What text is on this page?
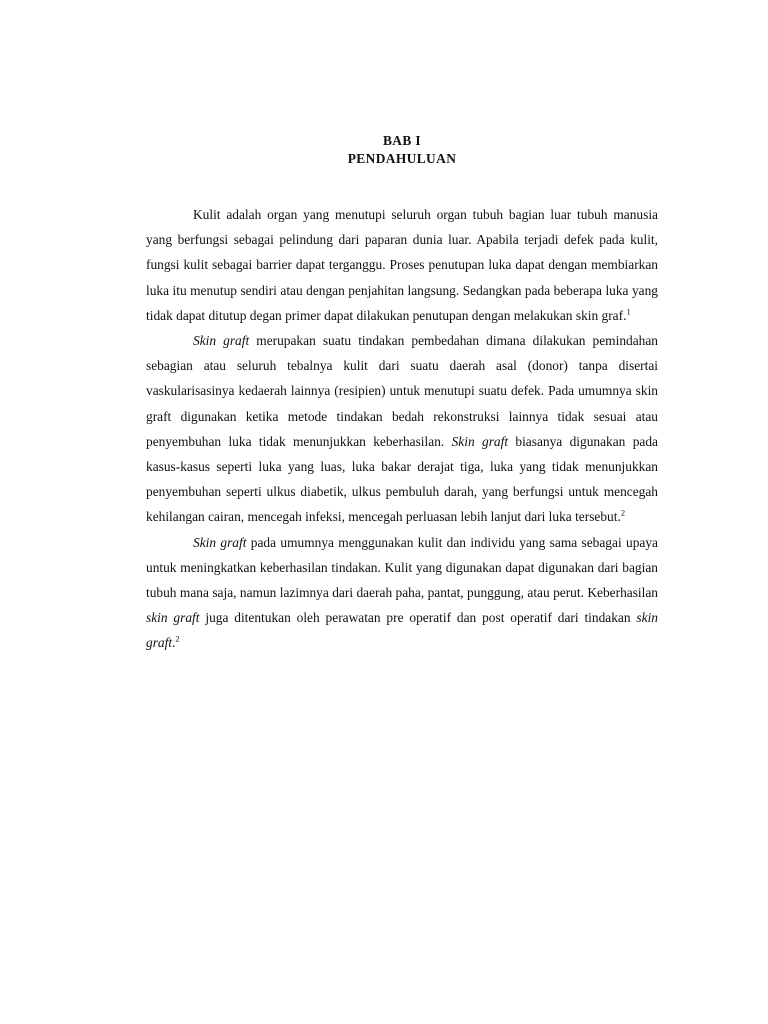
BAB I
PENDAHULUAN

Kulit adalah organ yang menutupi seluruh organ tubuh bagian luar tubuh manusia yang berfungsi sebagai pelindung dari paparan dunia luar. Apabila terjadi defek pada kulit, fungsi kulit sebagai barrier dapat terganggu. Proses penutupan luka dapat dengan membiarkan luka itu menutup sendiri atau dengan penjahitan langsung. Sedangkan pada beberapa luka yang tidak dapat ditutup degan primer dapat dilakukan penutupan dengan melakukan skin graf.$^1$

Skin graft merupakan suatu tindakan pembedahan dimana dilakukan pemindahan sebagian atau seluruh tebalnya kulit dari suatu daerah asal (donor) tanpa disertai vaskularisasinya kedaerah lainnya (resipien) untuk menutupi suatu defek. Pada umumnya skin graft digunakan ketika metode tindakan bedah rekonstruksi lainnya tidak sesuai atau penyembuhan luka tidak menunjukkan keberhasilan. Skin graft biasanya digunakan pada kasus-kasus seperti luka yang luas, luka bakar derajat tiga, luka yang tidak menunjukkan penyembuhan seperti ulkus diabetik, ulkus pembuluh darah, yang berfungsi untuk mencegah kehilangan cairan, mencegah infeksi, mencegah perluasan lebih lanjut dari luka tersebut.$^2$

Skin graft pada umumnya menggunakan kulit dan individu yang sama sebagai upaya untuk meningkatkan keberhasilan tindakan. Kulit yang digunakan dapat digunakan dari bagian tubuh mana saja, namun lazimnya dari daerah paha, pantat, punggung, atau perut. Keberhasilan skin graft juga ditentukan oleh perawatan pre operatif dan post operatif dari tindakan skin graft.$^2$
